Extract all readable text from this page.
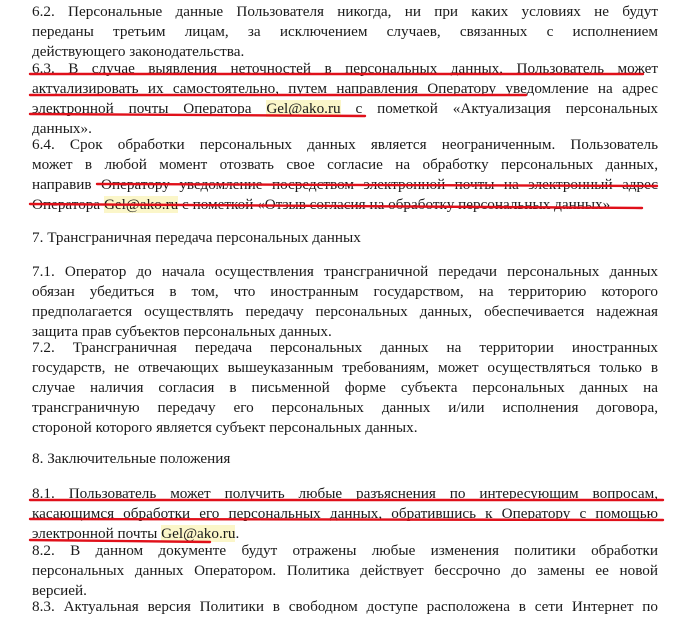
6.2. Персональные данные Пользователя никогда, ни при каких условиях не будут
переданы третьим лицам, за исключением случаев, связанных с исполнением
действующего законодательства.
6.3. В случае выявления неточностей в персональных данных, Пользователь может
актуализировать их самостоятельно, путем направления Оператору уведомление на адрес
электронной почты Оператора Gel@ako.ru с пометкой «Актуализация персональных
данных».
6.4. Срок обработки персональных данных является неограниченным. Пользователь
может в любой момент отозвать свое согласие на обработку персональных данных,
направив Оператору уведомление посредством электронной почты на электронный адрес
Оператора Gel@ako.ru с пометкой «Отзыв согласия на обработку персональных данных».
7. Трансграничная передача персональных данных
7.1. Оператор до начала осуществления трансграничной передачи персональных данных
обязан убедиться в том, что иностранным государством, на территорию которого
предполагается осуществлять передачу персональных данных, обеспечивается надежная
защита прав субъектов персональных данных.
7.2. Трансграничная передача персональных данных на территории иностранных
государств, не отвечающих вышеуказанным требованиям, может осуществляться только в
случае наличия согласия в письменной форме субъекта персональных данных на
трансграничную передачу его персональных данных и/или исполнения договора,
стороной которого является субъект персональных данных.
8. Заключительные положения
8.1. Пользователь может получить любые разъяснения по интересующим вопросам,
касающимся обработки его персональных данных, обратившись к Оператору с помощью
электронной почты Gel@ako.ru.
8.2. В данном документе будут отражены любые изменения политики обработки
персональных данных Оператором. Политика действует бессрочно до замены ее новой
версией.
8.3. Актуальная версия Политики в свободном доступе расположена в сети Интернет по
